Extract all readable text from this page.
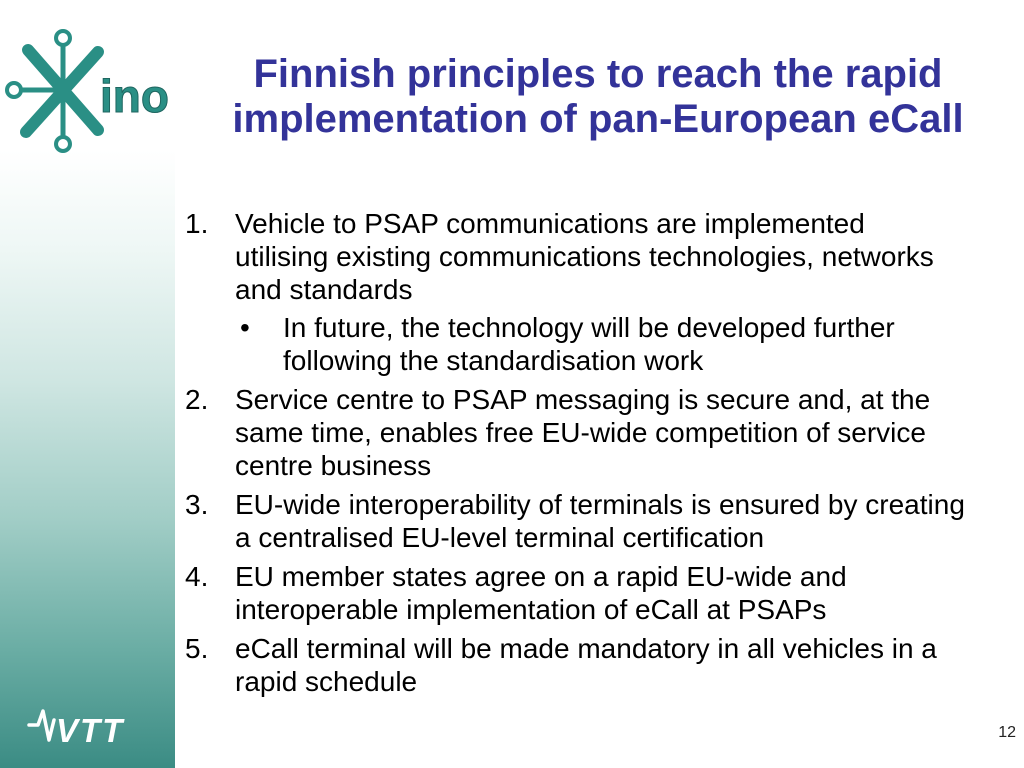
ino	Finnish principles to reach the rapid implementation of pan-European eCall
1. Vehicle to PSAP communications are implemented
utilising existing communications technologies, networks
and standards
•	In future, the technology will be developed further
following the standardisation work
2. Service centre to PSAP messaging is secure and, at the
same time, enables free EU-wide competition of service
centre business
3. EU-wide interoperability of terminals is ensured by creating
a centralised EU-level terminal certification
4. EU member states agree on a rapid EU-wide and
interoperable implementation of eCall at PSAPs
5. eCall terminal will be made mandatory in all vehicles in a
rapid schedule
VTT	12
